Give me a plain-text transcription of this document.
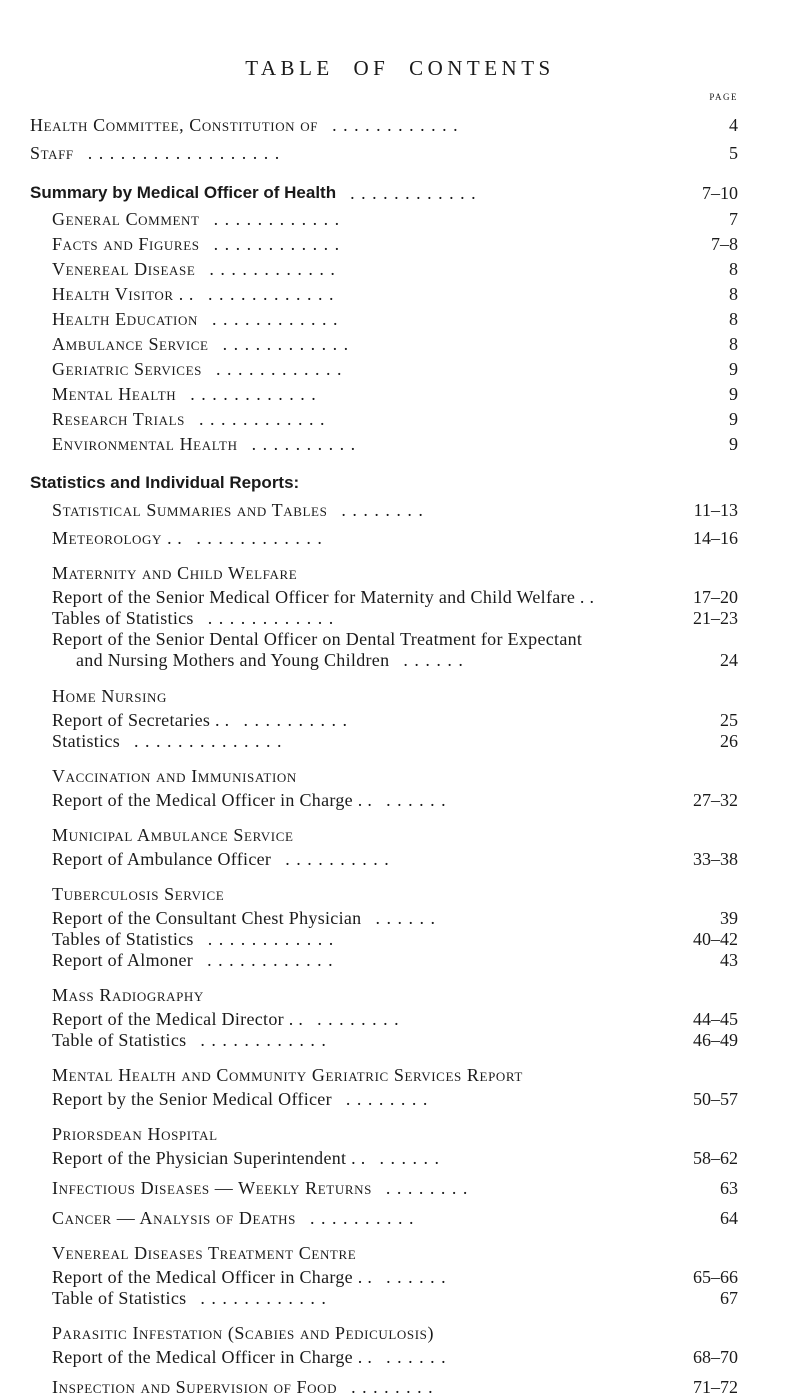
TABLE OF CONTENTS
page
Health Committee, Constitution of . . . . . . . . . . . .	4
Staff . . . . . . . . . . . . . . . . . .	5
Summary by Medical Officer of Health . . . . . . . . . . . .	7–10
General Comment . . . . . . . . . . . .	7
Facts and Figures . . . . . . . . . . . .	7–8
Venereal Disease . . . . . . . . . . . .	8
Health Visitor . . . . . . . . . . . . . .	8
Health Education . . . . . . . . . . . .	8
Ambulance Service . . . . . . . . . . . .	8
Geriatric Services . . . . . . . . . . . .	9
Mental Health . . . . . . . . . . . .	9
Research Trials . . . . . . . . . . . .	9
Environmental Health . . . . . . . . . .	9
Statistics and Individual Reports:
Statistical Summaries and Tables . . . . . . . .	11–13
Meteorology . . . . . . . . . . . . . .	14–16
Maternity and Child Welfare
Report of the Senior Medical Officer for Maternity and Child Welfare . .	17–20
Tables of Statistics . . . . . . . . . . . .	21–23
Report of the Senior Dental Officer on Dental Treatment for Expectant
and Nursing Mothers and Young Children . . . . . .	24
Home Nursing
Report of Secretaries . . . . . . . . . . . .	25
Statistics . . . . . . . . . . . . . .	26
Vaccination and Immunisation
Report of the Medical Officer in Charge . . . . . . . .	27–32
Municipal Ambulance Service
Report of Ambulance Officer . . . . . . . . . .	33–38
Tuberculosis Service
Report of the Consultant Chest Physician . . . . . .	39
Tables of Statistics . . . . . . . . . . . .	40–42
Report of Almoner . . . . . . . . . . . .	43
Mass Radiography
Report of the Medical Director . . . . . . . . . .	44–45
Table of Statistics . . . . . . . . . . . .	46–49
Mental Health and Community Geriatric Services Report
Report by the Senior Medical Officer . . . . . . . .	50–57
Priorsdean Hospital
Report of the Physician Superintendent . . . . . . . .	58–62
Infectious Diseases — Weekly Returns . . . . . . . .	63
Cancer — Analysis of Deaths . . . . . . . . . .	64
Venereal Diseases Treatment Centre
Report of the Medical Officer in Charge . . . . . . . .	65–66
Table of Statistics . . . . . . . . . . . .	67
Parasitic Infestation (Scabies and Pediculosis)
Report of the Medical Officer in Charge . . . . . . . .	68–70
Inspection and Supervision of Food . . . . . . . .	71–72
